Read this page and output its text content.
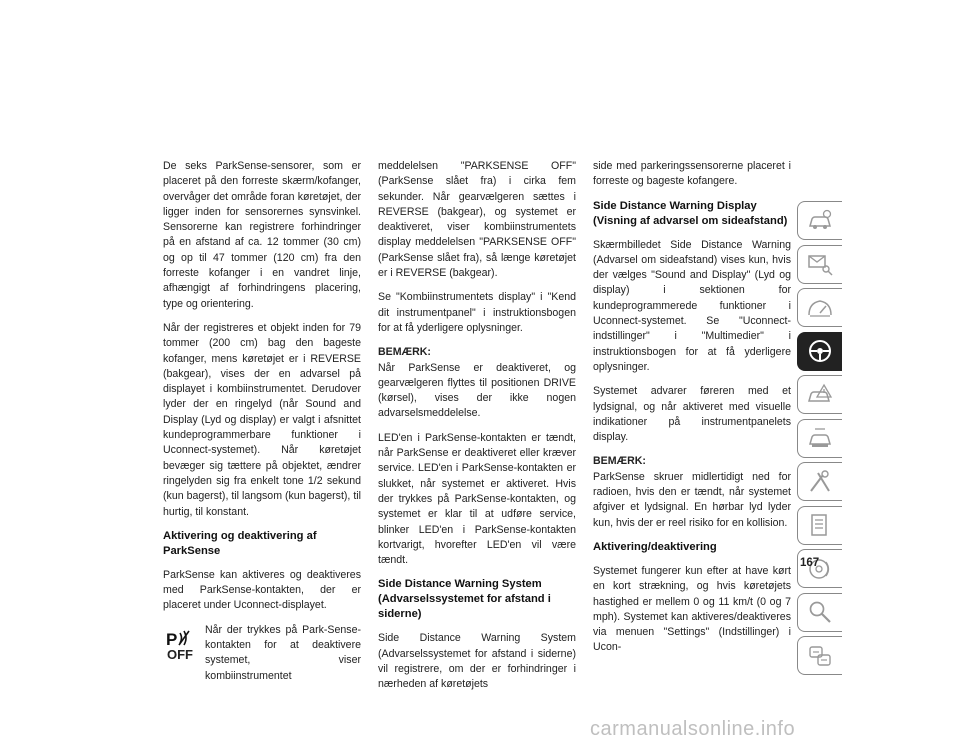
De seks ParkSense-sensorer, som er placeret på den forreste skærm/kofanger, overvåger det område foran køretøjet, der ligger inden for sensorernes synsvinkel. Sensorerne kan registrere forhindringer på en afstand af ca. 12 tommer (30 cm) og op til 47 tommer (120 cm) fra den forreste kofanger i en vandret linje, afhængigt af forhindringens placering, type og orientering.

Når der registreres et objekt inden for 79 tommer (200 cm) bag den bageste kofanger, mens køretøjet er i REVERSE (bakgear), vises der en advarsel på displayet i kombiinstrumentet. Derudover lyder der en ringelyd (når Sound and Display (Lyd og display) er valgt i afsnittet kundeprogrammerbare funktioner i Uconnect-systemet). Når køretøjet bevæger sig tættere på objektet, ændrer ringelyden sig fra enkelt tone 1/2 sekund (kun bagerst), til langsom (kun bagerst), til hurtig, til konstant.

Aktivering og deaktivering af ParkSense

ParkSense kan aktiveres og deaktiveres med ParkSense-kontakten, der er placeret under Uconnect-displayet.

P
OFF

Når der trykkes på Park-Sense-kontakten for at deaktivere systemet, viser kombiinstrumentet

meddelelsen "PARKSENSE OFF" (ParkSense slået fra) i cirka fem sekunder. Når gearvælgeren sættes i REVERSE (bakgear), og systemet er deaktiveret, viser kombiinstrumentets display meddelelsen "PARKSENSE OFF" (ParkSense slået fra), så længe køretøjet er i REVERSE (bakgear).

Se "Kombiinstrumentets display" i "Kend dit instrumentpanel" i instruktionsbogen for at få yderligere oplysninger.

BEMÆRK:
Når ParkSense er deaktiveret, og gearvælgeren flyttes til positionen DRIVE (kørsel), vises der ikke nogen advarselsmeddelelse.

LED'en i ParkSense-kontakten er tændt, når ParkSense er deaktiveret eller kræver service. LED'en i ParkSense-kontakten er slukket, når systemet er aktiveret. Hvis der trykkes på ParkSense-kontakten, og systemet er klar til at udføre service, blinker LED'en i ParkSense-kontakten kortvarigt, hvorefter LED'en vil være tændt.

Side Distance Warning System (Advarselssystemet for afstand i siderne)

Side Distance Warning System (Advarselssystemet for afstand i siderne) vil registrere, om der er forhindringer i nærheden af køretøjets

side med parkeringssensorerne placeret i forreste og bageste kofangere.

Side Distance Warning Display (Visning af advarsel om sideafstand)

Skærmbilledet Side Distance Warning (Advarsel om sideafstand) vises kun, hvis der vælges "Sound and Display" (Lyd og display) i sektionen for kundeprogrammerede funktioner i Uconnect-systemet. Se "Uconnect-indstillinger" i "Multimedier" i instruktionsbogen for at få yderligere oplysninger.

Systemet advarer føreren med et lydsignal, og når aktiveret med visuelle indikationer på instrumentpanelets display.

BEMÆRK:
ParkSense skruer midlertidigt ned for radioen, hvis den er tændt, når systemet afgiver et lydsignal. En hørbar lyd lyder kun, hvis der er reel risiko for en kollision.

Aktivering/deaktivering

Systemet fungerer kun efter at have kørt en kort strækning, og hvis køretøjets hastighed er mellem 0 og 11 km/t (0 og 7 mph). Systemet kan aktiveres/deaktiveres via menuen "Settings" (Indstillinger) i Ucon-

167
carmanualsonline.info
